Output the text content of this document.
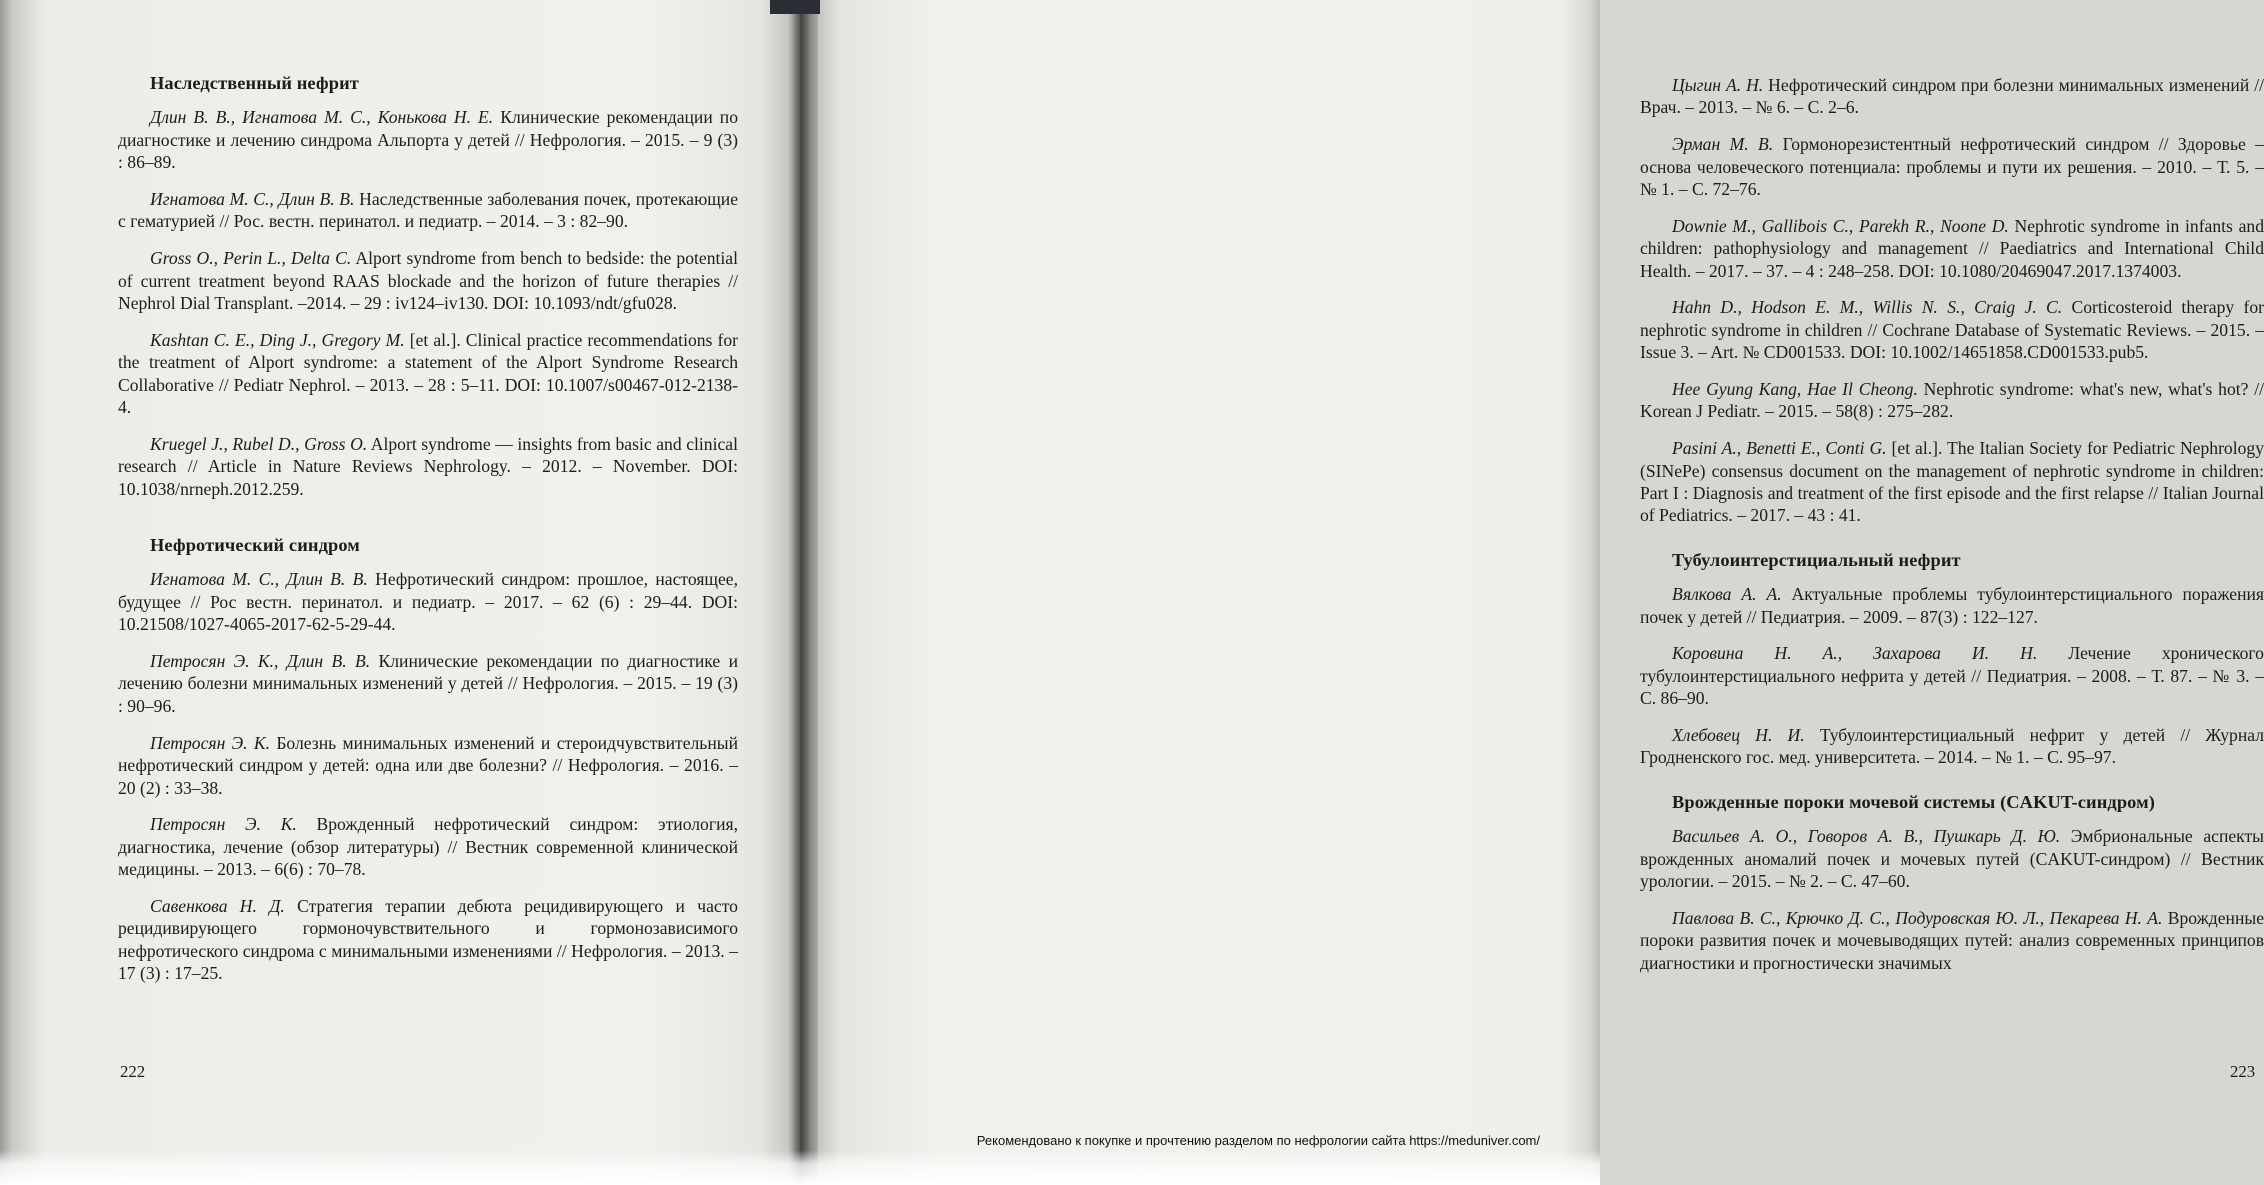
Наследственный нефрит

Длин В. В., Игнатова М. С., Конькова Н. Е. Клинические рекомендации по диагностике и лечению синдрома Альпорта у детей // Нефрология. – 2015. – 9 (3) : 86–89.

Игнатова М. С., Длин В. В. Наследственные заболевания почек, протекающие с гематурией // Рос. вестн. перинатол. и педиатр. – 2014. – 3 : 82–90.

Gross O., Perin L., Delta C. Alport syndrome from bench to bedside: the potential of current treatment beyond RAAS blockade and the horizon of future therapies // Nephrol Dial Transplant. –2014. – 29 : iv124–iv130. DOI: 10.1093/ndt/gfu028.

Kashtan C. E., Ding J., Gregory M. [et al.]. Clinical practice recommendations for the treatment of Alport syndrome: a statement of the Alport Syndrome Research Collaborative // Pediatr Nephrol. – 2013. – 28 : 5–11. DOI: 10.1007/s00467-012-2138-4.

Kruegel J., Rubel D., Gross O. Alport syndrome — insights from basic and clinical research // Article in Nature Reviews Nephrology. – 2012. – November. DOI: 10.1038/nrneph.2012.259.

Нефротический синдром

Игнатова М. С., Длин В. В. Нефротический синдром: прошлое, настоящее, будущее // Рос вестн. перинатол. и педиатр. – 2017. – 62 (6) : 29–44. DOI: 10.21508/1027-4065-2017-62-5-29-44.

Петросян Э. К., Длин В. В. Клинические рекомендации по диагностике и лечению болезни минимальных изменений у детей // Нефрология. – 2015. – 19 (3) : 90–96.

Петросян Э. К. Болезнь минимальных изменений и стероидчувствительный нефротический синдром у детей: одна или две болезни? // Нефрология. – 2016. – 20 (2) : 33–38.

Петросян Э. К. Врожденный нефротический синдром: этиология, диагностика, лечение (обзор литературы) // Вестник современной клинической медицины. – 2013. – 6(6) : 70–78.

Савенкова Н. Д. Стратегия терапии дебюта рецидивирующего и часто рецидивирующего гормоночувствительного и гормонозависимого нефротического синдрома с минимальными изменениями // Нефрология. – 2013. – 17 (3) : 17–25.

222

Цыгин А. Н. Нефротический синдром при болезни минимальных изменений // Врач. – 2013. – № 6. – С. 2–6.

Эрман М. В. Гормонорезистентный нефротический синдром // Здоровье – основа человеческого потенциала: проблемы и пути их решения. – 2010. – Т. 5. – № 1. – С. 72–76.

Downie M., Gallibois C., Parekh R., Noone D. Nephrotic syndrome in infants and children: pathophysiology and management // Paediatrics and International Child Health. – 2017. – 37. – 4 : 248–258. DOI: 10.1080/20469047.2017.1374003.

Hahn D., Hodson E. M., Willis N. S., Craig J. C. Corticosteroid therapy for nephrotic syndrome in children // Cochrane Database of Systematic Reviews. – 2015. – Issue 3. – Art. № CD001533. DOI: 10.1002/14651858.CD001533.pub5.

Hee Gyung Kang, Hae Il Cheong. Nephrotic syndrome: what's new, what's hot? // Korean J Pediatr. – 2015. – 58(8) : 275–282.

Pasini A., Benetti E., Conti G. [et al.]. The Italian Society for Pediatric Nephrology (SINePe) consensus document on the management of nephrotic syndrome in children: Part I : Diagnosis and treatment of the first episode and the first relapse // Italian Journal of Pediatrics. – 2017. – 43 : 41.

Тубулоинтерстициальный нефрит

Вялкова А. А. Актуальные проблемы тубулоинтерстициального поражения почек у детей // Педиатрия. – 2009. – 87(3) : 122–127.

Коровина Н. А., Захарова И. Н. Лечение хронического тубулоинтерстициального нефрита у детей // Педиатрия. – 2008. – Т. 87. – № 3. – С. 86–90.

Хлебовец Н. И. Тубулоинтерстициальный нефрит у детей // Журнал Гродненского гос. мед. университета. – 2014. – № 1. – С. 95–97.

Врожденные пороки мочевой системы (CAKUT-синдром)

Васильев А. О., Говоров А. В., Пушкарь Д. Ю. Эмбриональные аспекты врожденных аномалий почек и мочевых путей (CAKUT-синдром) // Вестник урологии. – 2015. – № 2. – С. 47–60.

Павлова В. С., Крючко Д. С., Подуровская Ю. Л., Пекарева Н. А. Врожденные пороки развития почек и мочевыводящих путей: анализ современных принципов диагностики и прогностически значимых

223
Рекомендовано к покупке и прочтению разделом по нефрологии сайта https://meduniver.com/
